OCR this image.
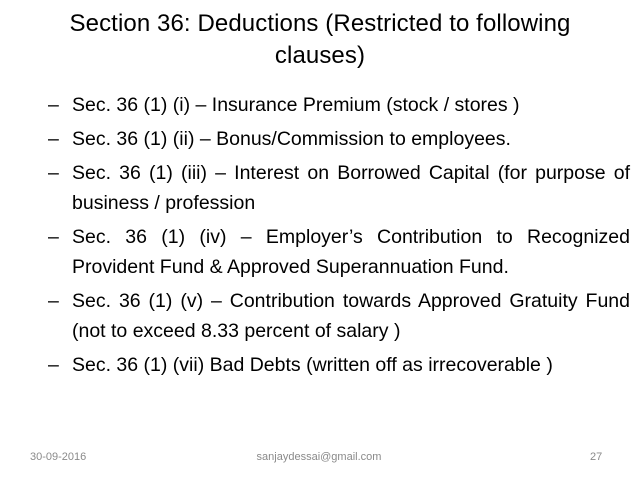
Section 36: Deductions (Restricted to following
clauses)
– Sec. 36 (1) (i) – Insurance Premium (stock / stores )
– Sec. 36 (1) (ii) – Bonus/Commission to employees.
– Sec. 36 (1) (iii) – Interest on Borrowed Capital (for purpose of business / profession
– Sec. 36 (1) (iv) – Employer’s Contribution to Recognized Provident Fund & Approved Superannuation Fund.
– Sec. 36 (1) (v) – Contribution towards Approved Gratuity Fund (not to exceed 8.33 percent of salary )
– Sec. 36 (1) (vii) Bad Debts (written off as irrecoverable )
30-09-2016	sanjaydessai@gmail.com	27
